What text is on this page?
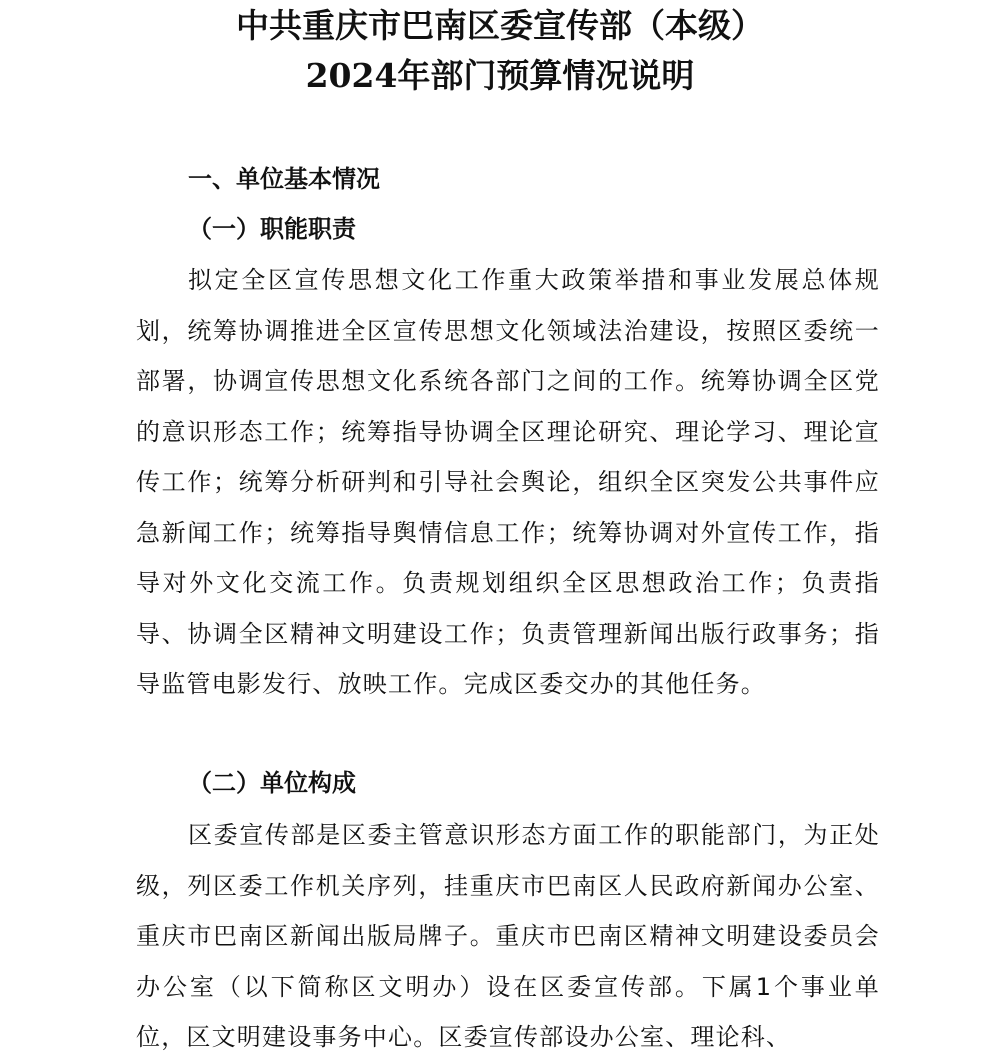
中共重庆市巴南区委宣传部（本级）
2024年部门预算情况说明
一、单位基本情况
（一）职能职责

拟定全区宣传思想文化工作重大政策举措和事业发展总体规划，统筹协调推进全区宣传思想文化领域法治建设，按照区委统一部署，协调宣传思想文化系统各部门之间的工作。统筹协调全区党的意识形态工作；统筹指导协调全区理论研究、理论学习、理论宣传工作；统筹分析研判和引导社会舆论，组织全区突发公共事件应急新闻工作；统筹指导舆情信息工作；统筹协调对外宣传工作，指导对外文化交流工作。负责规划组织全区思想政治工作；负责指导、协调全区精神文明建设工作；负责管理新闻出版行政事务；指导监管电影发行、放映工作。完成区委交办的其他任务。

（二）单位构成

区委宣传部是区委主管意识形态方面工作的职能部门，为正处级，列区委工作机关序列，挂重庆市巴南区人民政府新闻办公室、重庆市巴南区新闻出版局牌子。重庆市巴南区精神文明建设委员会办公室（以下简称区文明办）设在区委宣传部。下属1个事业单位，区文明建设事务中心。区委宣传部设办公室、理论科、
